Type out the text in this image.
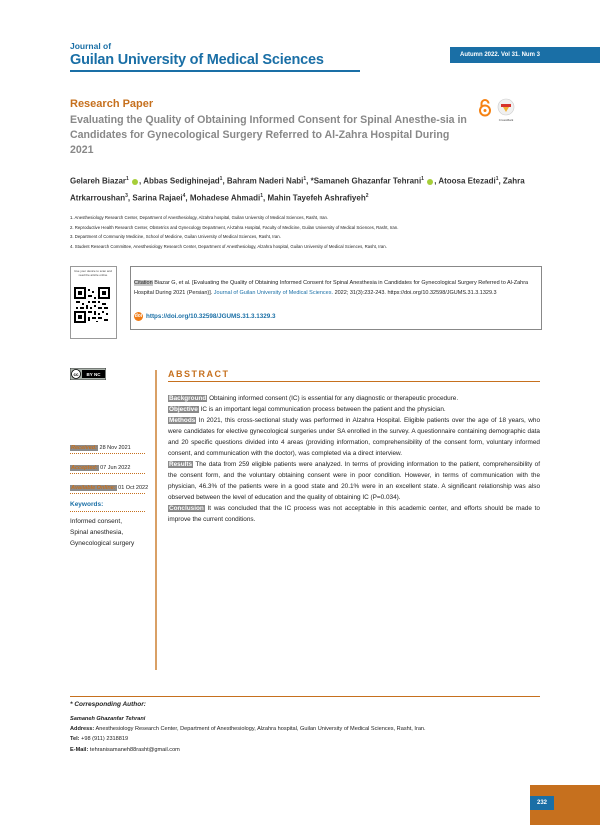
Journal of
Guilan University of Medical Sciences	Autumn 2022. Vol 31. Num 3
Research Paper
Evaluating the Quality of Obtaining Informed Consent for Spinal Anesthe-sia in Candidates for Gynecological Surgery Referred to Al-Zahra Hospital During 2021
CrossMark
Gelareh Biazar$^1$ , Abbas Sedighinejad$^1$, Bahram Naderi Nabi$^1$, *Samaneh Ghazanfar Tehrani$^1$ , Atoosa Etezadi$^1$, Zahra Atrkarroushan$^3$, Sarina Rajaei$^4$, Mohadese Ahmadi$^1$, Mahin Tayefeh Ashrafiyeh$^2$
1. Anesthesiology Research Center, Department of Anesthesiology, Alzahra hospital, Guilan University of Medical Sciences, Rasht, Iran.
2. Reproductive Health Research Center, Obstetrics and Gynecology Department, Al-Zahra Hospital, Faculty of Medicine, Guilan University of Medical Sciences, Rasht, Iran.
3. Department of Community Medicine, School of Medicine, Guilan University of Medical Sciences, Rasht, Iran.
4. Student Research Committee, Anesthesiology Research Center, Department of Anesthesiology, Alzahra hospital, Guilan University of Medical Sciences, Rasht, Iran.
Use your device to scan and read the article online
Citation Biazar G, et al. [Evaluating the Quality of Obtaining Informed Consent for Spinal Anesthesia in Candidates for Gynecological Surgery Referred to Al-Zahra Hospital During 2021 (Persian)]. Journal of Guilan University of Medical Sciences. 2022; 31(3):232-243. https://doi.org/10.32598/JGUMS.31.3.1329.3
doi https://doi.org/10.32598/JGUMS.31.3.1329.3
cc BY NC
Received: 28 Nov 2021
Accepted: 07 Jun 2022
Available Online: 01 Oct 2022
Keywords:
Informed consent,
Spinal anesthesia,
Gynecological surgery
ABSTRACT

Background Obtaining informed consent (IC) is essential for any diagnostic or therapeutic procedure.

Objective IC is an important legal communication process between the patient and the physician.

Methods In 2021, this cross-sectional study was performed in Alzahra Hospital. Eligible patients over the age of 18 years, who were candidates for elective gynecological surgeries under SA enrolled in the survey. A questionnaire containing demographic data and 20 specific questions divided into 4 areas (providing information, comprehensibility of the consent form, voluntary informed consent, and communication with the doctor), was completed via a direct interview.

Results The data from 259 eligible patients were analyzed. In terms of providing information to the patient, comprehensibility of the consent form, and the voluntary obtaining consent were in poor condition. However, in terms of communication with the physician, 46.3% of the patients were in a good state and 20.1% were in an excellent state. A significant relationship was also observed between the level of education and the quality of obtaining IC (P=0.034).

Conclusion It was concluded that the IC process was not acceptable in this academic center, and efforts should be made to improve the current conditions.

* Corresponding Author:
Samaneh Ghazanfar Tehrani
Address: Anesthesiology Research Center, Department of Anesthesiology, Alzahra hospital, Guilan University of Medical Sciences, Rasht, Iran.
Tel: +98 (911) 2318819
E-Mail: tehranisamaneh88rasht@gmail.com
232
